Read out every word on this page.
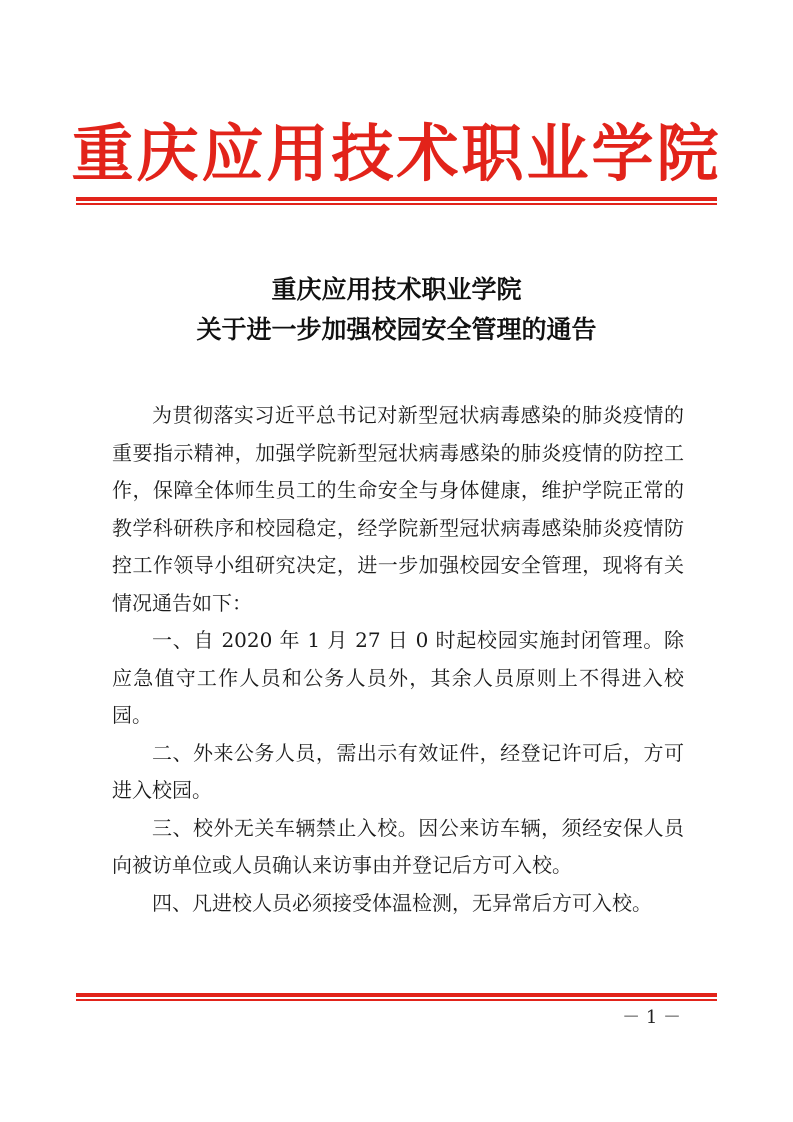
重庆应用技术职业学院
重庆应用技术职业学院
关于进一步加强校园安全管理的通告

为贯彻落实习近平总书记对新型冠状病毒感染的肺炎疫情的重要指示精神，加强学院新型冠状病毒感染的肺炎疫情的防控工作，保障全体师生员工的生命安全与身体健康，维护学院正常的教学科研秩序和校园稳定，经学院新型冠状病毒感染肺炎疫情防控工作领导小组研究决定，进一步加强校园安全管理，现将有关情况通告如下：

一、自 2020 年 1 月 27 日 0 时起校园实施封闭管理。除应急值守工作人员和公务人员外，其余人员原则上不得进入校园。

二、外来公务人员，需出示有效证件，经登记许可后，方可进入校园。

三、校外无关车辆禁止入校。因公来访车辆，须经安保人员向被访单位或人员确认来访事由并登记后方可入校。

四、凡进校人员必须接受体温检测，无异常后方可入校。

－ 1 －
